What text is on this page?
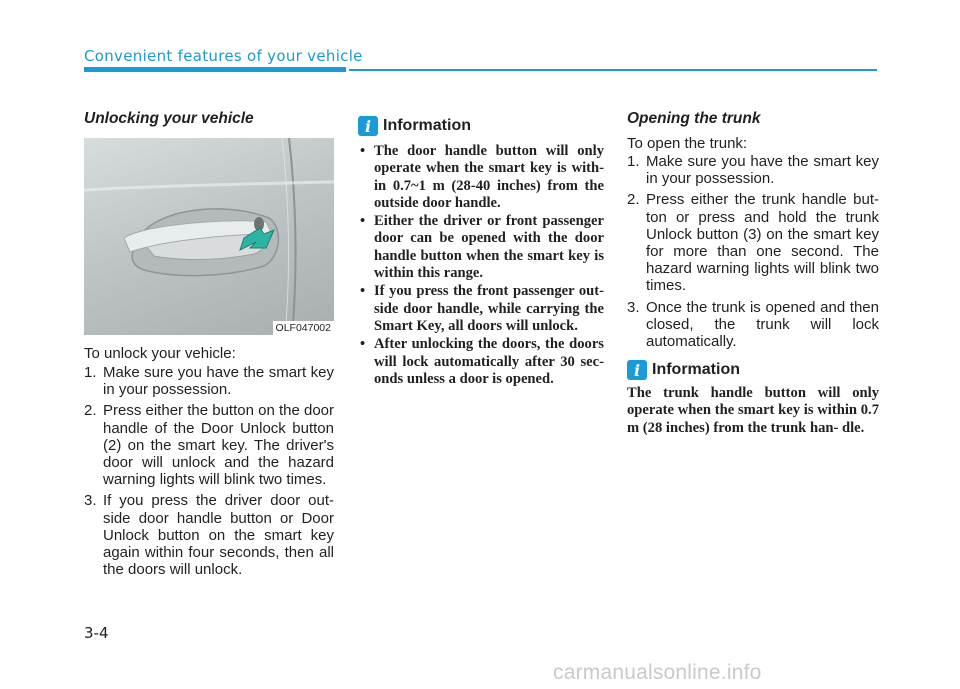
Convenient features of your vehicle
Unlocking your vehicle
OLF047002
To unlock your vehicle:
1. Make sure you have the smart key in your possession.
2. Press either the button on the door handle of the Door Unlock button (2) on the smart key. The driver's door will unlock and the hazard warning lights will blink two times.
3. If you press the driver door out- side door handle button or Door Unlock button on the smart key again within four seconds, then all the doors will unlock.
i Information
• The door handle button will only operate when the smart key is with- in 0.7~1 m (28-40 inches) from the outside door handle.
• Either the driver or front passenger door can be opened with the door handle button when the smart key is within this range.
• If you press the front passenger out- side door handle, while carrying the Smart Key, all doors will unlock.
• After unlocking the doors, the doors will lock automatically after 30 sec- onds unless a door is opened.
Opening the trunk
To open the trunk:
1. Make sure you have the smart key in your possession.
2. Press either the trunk handle but- ton or press and hold the trunk Unlock button (3) on the smart key for more than one second. The hazard warning lights will blink two times.
3. Once the trunk is opened and then closed, the trunk will lock automatically.
i Information
The trunk handle button will only operate when the smart key is within 0.7 m (28 inches) from the trunk han- dle.
3-4
carmanualsonline.info
